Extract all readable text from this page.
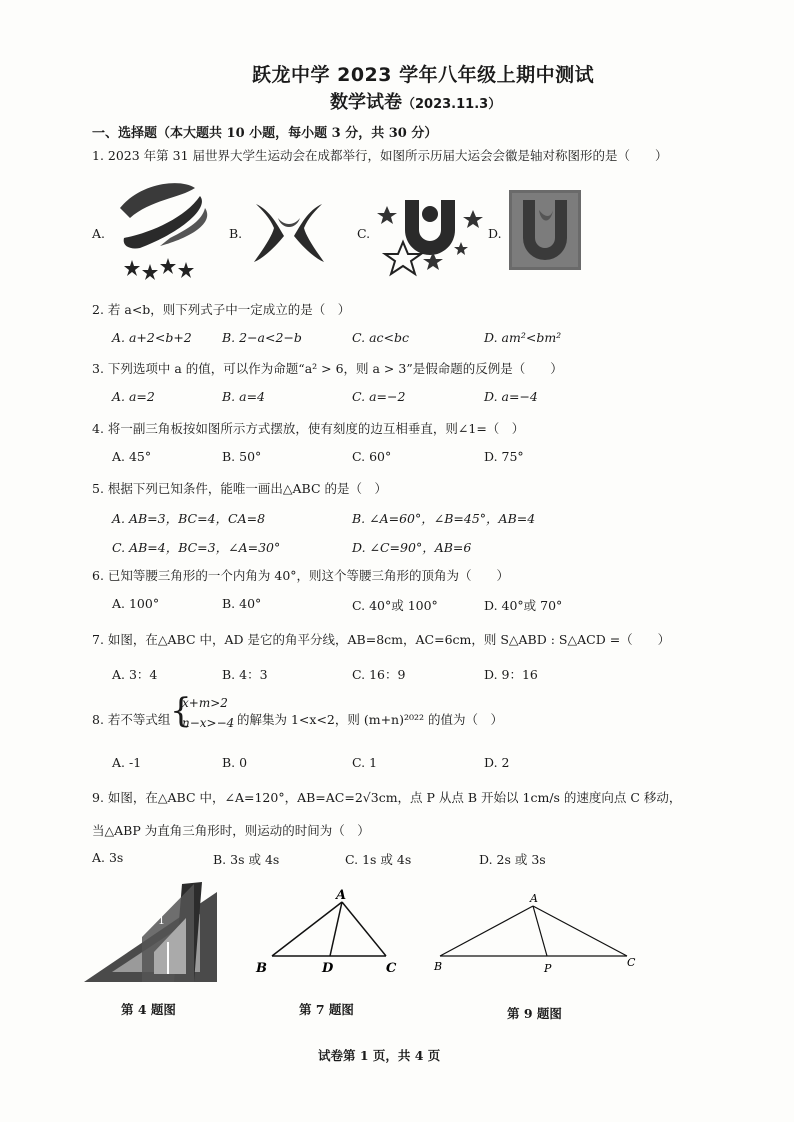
跃龙中学 2023 学年八年级上期中测试
数学试卷（2023.11.3）
一、选择题（本大题共 10 小题，每小题 3 分，共 30 分）
1. 2023 年第 31 届世界大学生运动会在成都举行，如图所示历届大运会会徽是轴对称图形的是（　　）
A.	B.	C.	D.
2. 若 a<b，则下列式子中一定成立的是（　）
A. a+2<b+2 B. 2−a<2−b	C. ac<bc	D. am²<bm²
3. 下列选项中 a 的值，可以作为命题“a² > 6，则 a > 3”是假命题的反例是（　　）
A. a=2	B. a=4	C. a=−2	D. a=−4
4. 将一副三角板按如图所示方式摆放，使有刻度的边互相垂直，则∠1=（　）
A. 45°	B. 50°	C. 60°	D. 75°
5. 根据下列已知条件，能唯一画出△ABC 的是（　）
A. AB=3，BC=4，CA=8	B. ∠A=60°，∠B=45°，AB=4
C. AB=4，BC=3，∠A=30°	D. ∠C=90°，AB=6
6. 已知等腰三角形的一个内角为 40°，则这个等腰三角形的顶角为（　　）
A. 100°	B. 40°	C. 40°或 100°	D. 40°或 70°
7. 如图，在△ABC 中，AD 是它的角平分线，AB=8cm，AC=6cm，则 S△ABD : S△ACD =（　　）
A. 3：4	B. 4：3	C. 16：9	D. 9：16
8. 若不等式组 {
x+m>2
n−x>−4 的解集为 1<x<2，则 (m+n)²⁰²² 的值为（　）
A. -1	B. 0	C. 1	D. 2
9. 如图，在△ABC 中，∠A=120°，AB=AC=2√3cm，点 P 从点 B 开始以 1cm/s 的速度向点 C 移动，
当△ABP 为直角三角形时，则运动的时间为（　）
A. 3s	B. 3s 或 4s	C. 1s 或 4s	D. 2s 或 3s
1
第 4 题图
A
B	D	C
第 7 题图
A
B	P	C
第 9 题图
试卷第 1 页，共 4 页
